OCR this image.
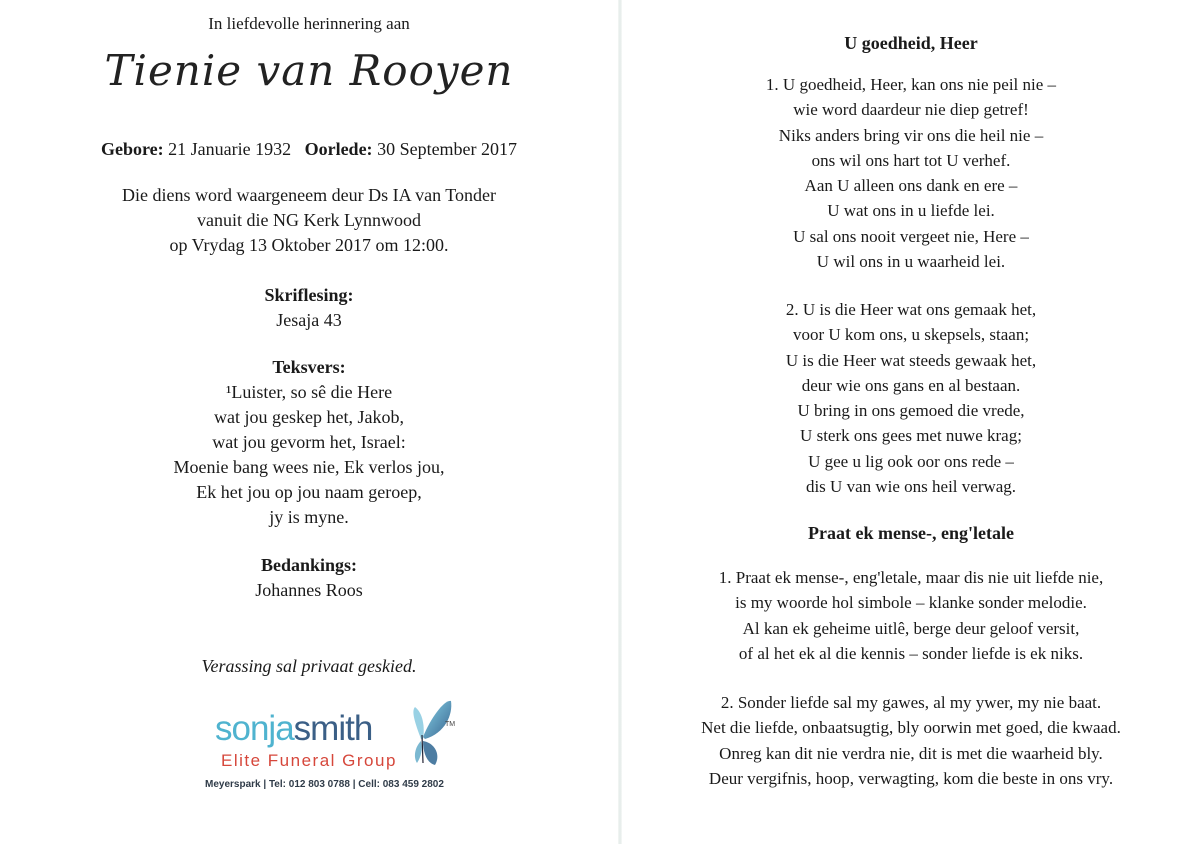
In liefdevolle herinnering aan
Tienie van Rooyen
Gebore: 21 Januarie 1932 Oorlede: 30 September 2017
Die diens word waargeneem deur Ds IA van Tonder
vanuit die NG Kerk Lynnwood
op Vrydag 13 Oktober 2017 om 12:00.
Skriflesing:
Jesaja 43
Teksvers:
¹Luister, so sê die Here
wat jou geskep het, Jakob,
wat jou gevorm het, Israel:
Moenie bang wees nie, Ek verlos jou,
Ek het jou op jou naam geroep,
jy is myne.
Bedankings:
Johannes Roos
Verassing sal privaat geskied.
sonjasmith	TM
Elite Funeral Group
Meyerspark | Tel: 012 803 0788 | Cell: 083 459 2802
U goedheid, Heer
1. U goedheid, Heer, kan ons nie peil nie –
wie word daardeur nie diep getref!
Niks anders bring vir ons die heil nie –
ons wil ons hart tot U verhef.
Aan U alleen ons dank en ere –
U wat ons in u liefde lei.
U sal ons nooit vergeet nie, Here –
U wil ons in u waarheid lei.
2. U is die Heer wat ons gemaak het,
voor U kom ons, u skepsels, staan;
U is die Heer wat steeds gewaak het,
deur wie ons gans en al bestaan.
U bring in ons gemoed die vrede,
U sterk ons gees met nuwe krag;
U gee u lig ook oor ons rede –
dis U van wie ons heil verwag.
Praat ek mense-, eng'letale
1. Praat ek mense-, eng'letale, maar dis nie uit liefde nie,
is my woorde hol simbole – klanke sonder melodie.
Al kan ek geheime uitlê, berge deur geloof versit,
of al het ek al die kennis – sonder liefde is ek niks.
2. Sonder liefde sal my gawes, al my ywer, my nie baat.
Net die liefde, onbaatsugtig, bly oorwin met goed, die kwaad.
Onreg kan dit nie verdra nie, dit is met die waarheid bly.
Deur vergifnis, hoop, verwagting, kom die beste in ons vry.
